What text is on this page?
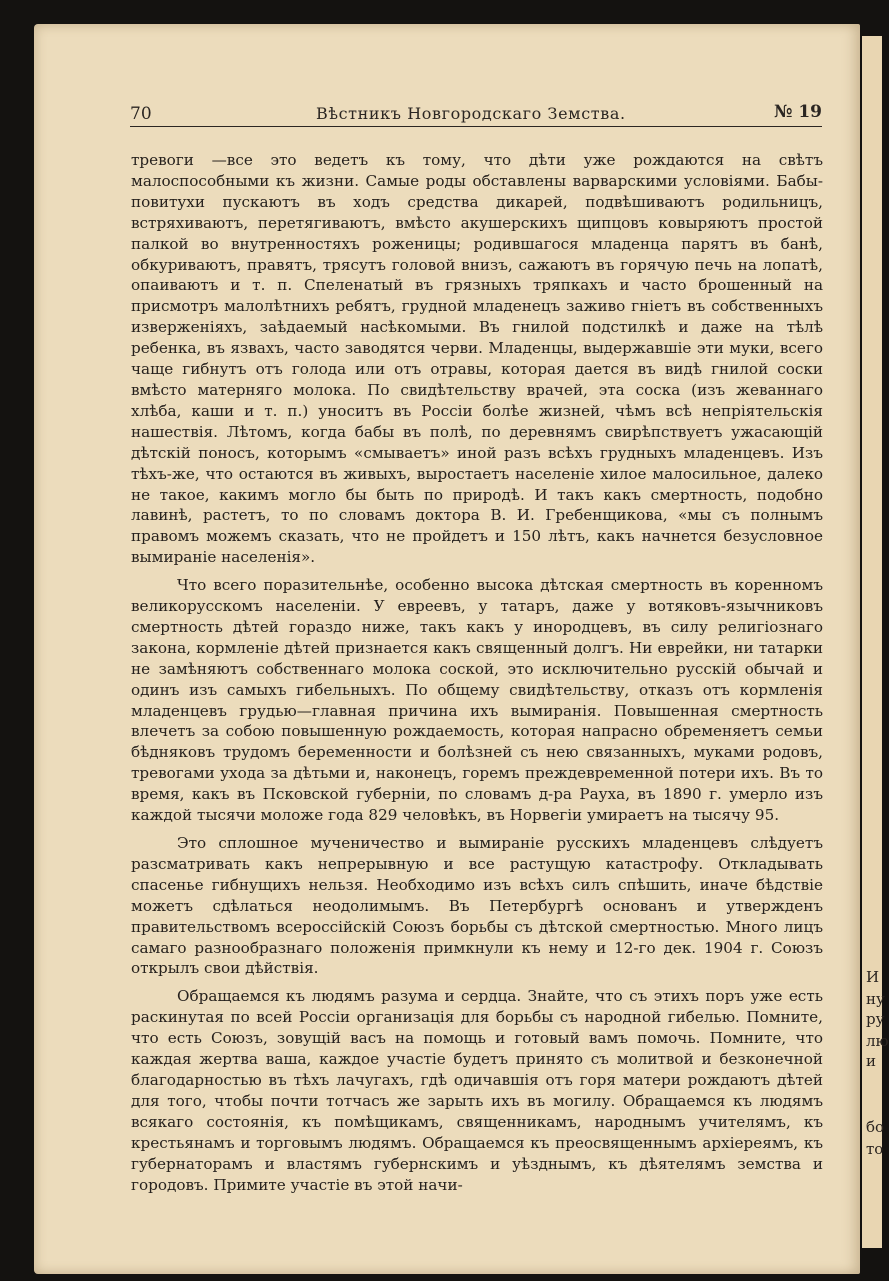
И
ну
ру
лю
и
бо
то
70	Вѣстникъ Новгородскаго Земства.	№ 19

тревоги —все это ведетъ къ тому, что дѣти уже рождаются на свѣтъ малоспособными къ жизни. Самые роды обставлены варварскими условiями. Бабы-повитухи пускаютъ въ ходъ средства дикарей, подвѣшиваютъ родильницъ, встряхиваютъ, перетягиваютъ, вмѣсто акушерскихъ щипцовъ ковыряютъ простой палкой во внутренностяхъ роженицы; родившагося младенца парятъ въ банѣ, обкуриваютъ, правятъ, трясутъ головой внизъ, сажаютъ въ горячую печь на лопатѣ, опаиваютъ и т. п. Спеленатый въ грязныхъ тряпкахъ и часто брошенный на присмотръ малолѣтнихъ ребятъ, грудной младенецъ заживо гнiетъ въ собственныхъ изверженiяхъ, заѣдаемый насѣкомыми. Въ гнилой подстилкѣ и даже на тѣлѣ ребенка, въ язвахъ, часто заводятся черви. Младенцы, выдержавшiе эти муки, всего чаще гибнутъ отъ голода или отъ отравы, которая дается въ видѣ гнилой соски вмѣсто матерняго молока. По свидѣтельству врачей, эта соска (изъ жеваннаго хлѣба, каши и т. п.) уноситъ въ Россiи болѣе жизней, чѣмъ всѣ непрiятельскiя нашествiя. Лѣтомъ, когда бабы въ полѣ, по деревнямъ свирѣпствуетъ ужасающiй дѣтскiй поносъ, которымъ «смываетъ» иной разъ всѣхъ грудныхъ младенцевъ. Изъ тѣхъ-же, что остаются въ живыхъ, выростаетъ населенiе хилое малосильное, далеко не такое, какимъ могло бы быть по природѣ. И такъ какъ смертность, подобно лавинѣ, растетъ, то по словамъ доктора В. И. Гребенщикова, «мы съ полнымъ правомъ можемъ сказать, что не пройдетъ и 150 лѣтъ, какъ начнется безусловное вымиранiе населенiя».

Что всего поразительнѣе, особенно высока дѣтская смертность въ коренномъ великорусскомъ населенiи. У евреевъ, у татаръ, даже у вотяковъ-язычниковъ смертность дѣтей гораздо ниже, такъ какъ у инородцевъ, въ силу религiознаго закона, кормленiе дѣтей признается какъ священный долгъ. Ни еврейки, ни татарки не замѣняютъ собственнаго молока соской, это исключительно русскiй обычай и одинъ изъ самыхъ гибельныхъ. По общему свидѣтельству, отказъ отъ кормленiя младенцевъ грудью—главная причина ихъ вымиранiя. Повышенная смертность влечетъ за собою повышенную рождаемость, которая напрасно обременяетъ семьи бѣдняковъ трудомъ беременности и болѣзней съ нею связанныхъ, муками родовъ, тревогами ухода за дѣтьми и, наконецъ, горемъ преждевременной потери ихъ. Въ то время, какъ въ Псковской губернiи, по словамъ д-ра Рауха, въ 1890 г. умерло изъ каждой тысячи моложе года 829 человѣкъ, въ Норвегiи умираетъ на тысячу 95.

Это сплошное мученичество и вымиранiе русскихъ младенцевъ слѣдуетъ разсматривать какъ непрерывную и все растущую катастрофу. Откладывать спасенье гибнущихъ нельзя. Необходимо изъ всѣхъ силъ спѣшить, иначе бѣдствiе можетъ сдѣлаться неодолимымъ. Въ Петербургѣ основанъ и утвержденъ правительствомъ всероссiйскiй Союзъ борьбы съ дѣтской смертностью. Много лицъ самаго разнообразнаго положенiя примкнули къ нему и 12-го дек. 1904 г. Союзъ открылъ свои дѣйствiя.

Обращаемся къ людямъ разума и сердца. Знайте, что съ этихъ поръ уже есть раскинутая по всей Россiи организацiя для борьбы съ народной гибелью. Помните, что есть Союзъ, зовущiй васъ на помощь и готовый вамъ помочь. Помните, что каждая жертва ваша, каждое участiе будетъ принято съ молитвой и безконечной благодарностью въ тѣхъ лачугахъ, гдѣ одичавшiя отъ горя матери рождаютъ дѣтей для того, чтобы почти тотчасъ же зарыть ихъ въ могилу. Обращаемся къ людямъ всякаго состоянiя, къ помѣщикамъ, священникамъ, народнымъ учителямъ, къ крестьянамъ и торговымъ людямъ. Обращаемся къ преосвященнымъ архiереямъ, къ губернаторамъ и властямъ губернскимъ и уѣзднымъ, къ дѣятелямъ земства и городовъ. Примите участiе въ этой начи-
